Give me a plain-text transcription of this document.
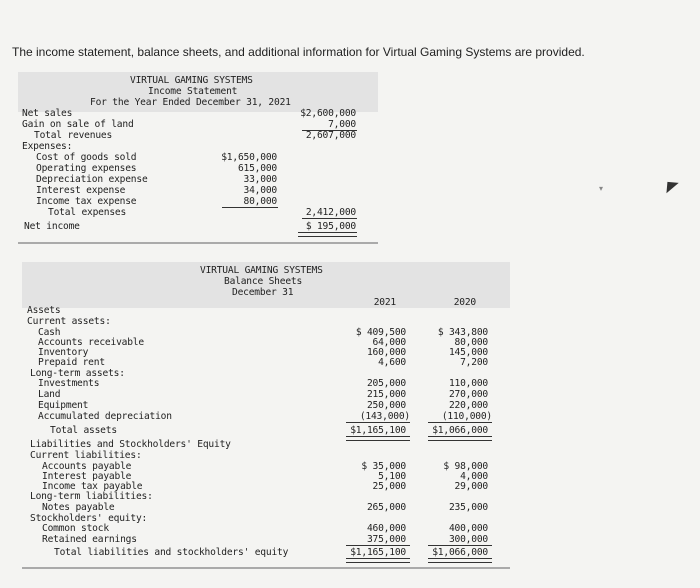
The income statement, balance sheets, and additional information for Virtual Gaming Systems are provided.
VIRTUAL GAMING SYSTEMS
Income Statement
For the Year Ended December 31, 2021
Net sales	$2,600,000
Gain on sale of land	7,000
Total revenues	2,607,000
Expenses:
Cost of goods sold	$1,650,000
Operating expenses	615,000
Depreciation expense	33,000
Interest expense	34,000
Income tax expense	80,000
Total expenses	2,412,000
Net income	$ 195,000
VIRTUAL GAMING SYSTEMS
Balance Sheets
December 31
2021	2020
Assets
Current assets:
Cash	$ 409,500	$ 343,800
Accounts receivable	64,000	80,000
Inventory	160,000	145,000
Prepaid rent	4,600	7,200
Long-term assets:
Investments	205,000	110,000
Land	215,000	270,000
Equipment	250,000	220,000
Accumulated depreciation	(143,000)	(110,000)
Total assets	$1,165,100	$1,066,000
Liabilities and Stockholders' Equity
Current liabilities:
Accounts payable	$ 35,000	$ 98,000
Interest payable	5,100	4,000
Income tax payable	25,000	29,000
Long-term liabilities:
Notes payable	265,000	235,000
Stockholders' equity:
Common stock	460,000	400,000
Retained earnings	375,000	300,000
Total liabilities and stockholders' equity	$1,165,100	$1,066,000
▾
